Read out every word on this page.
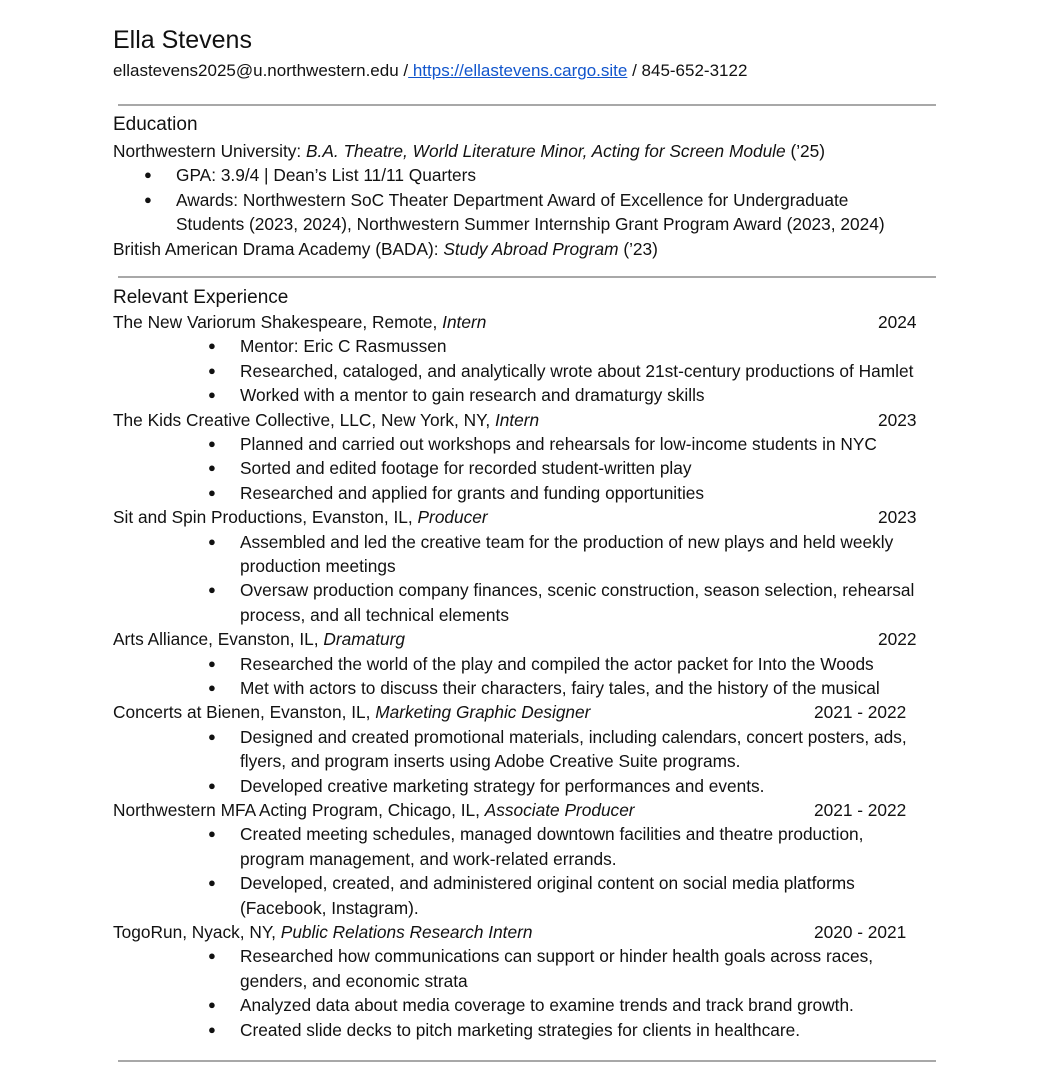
Ella Stevens
ellastevens2025@u.northwestern.edu / https://ellastevens.cargo.site / 845-652-3122
Education
Northwestern University: B.A. Theatre, World Literature Minor, Acting for Screen Module (’25)
● GPA: 3.9/4 | Dean’s List 11/11 Quarters
● Awards: Northwestern SoC Theater Department Award of Excellence for Undergraduate
Students (2023, 2024), Northwestern Summer Internship Grant Program Award (2023, 2024)
British American Drama Academy (BADA): Study Abroad Program (’23)
Relevant Experience
The New Variorum Shakespeare, Remote, Intern	2024
● Mentor: Eric C Rasmussen
● Researched, cataloged, and analytically wrote about 21st-century productions of Hamlet
● Worked with a mentor to gain research and dramaturgy skills
The Kids Creative Collective, LLC, New York, NY, Intern	2023
● Planned and carried out workshops and rehearsals for low-income students in NYC
● Sorted and edited footage for recorded student-written play
● Researched and applied for grants and funding opportunities
Sit and Spin Productions, Evanston, IL, Producer	2023
● Assembled and led the creative team for the production of new plays and held weekly
production meetings
● Oversaw production company finances, scenic construction, season selection, rehearsal
process, and all technical elements
Arts Alliance, Evanston, IL, Dramaturg	2022
● Researched the world of the play and compiled the actor packet for Into the Woods
● Met with actors to discuss their characters, fairy tales, and the history of the musical
Concerts at Bienen, Evanston, IL, Marketing Graphic Designer	2021 - 2022
● Designed and created promotional materials, including calendars, concert posters, ads,
flyers, and program inserts using Adobe Creative Suite programs.
● Developed creative marketing strategy for performances and events.
Northwestern MFA Acting Program, Chicago, IL, Associate Producer	2021 - 2022
● Created meeting schedules, managed downtown facilities and theatre production,
program management, and work-related errands.
● Developed, created, and administered original content on social media platforms
(Facebook, Instagram).
TogoRun, Nyack, NY, Public Relations Research Intern	2020 - 2021
● Researched how communications can support or hinder health goals across races,
genders, and economic strata
● Analyzed data about media coverage to examine trends and track brand growth.
● Created slide decks to pitch marketing strategies for clients in healthcare.
